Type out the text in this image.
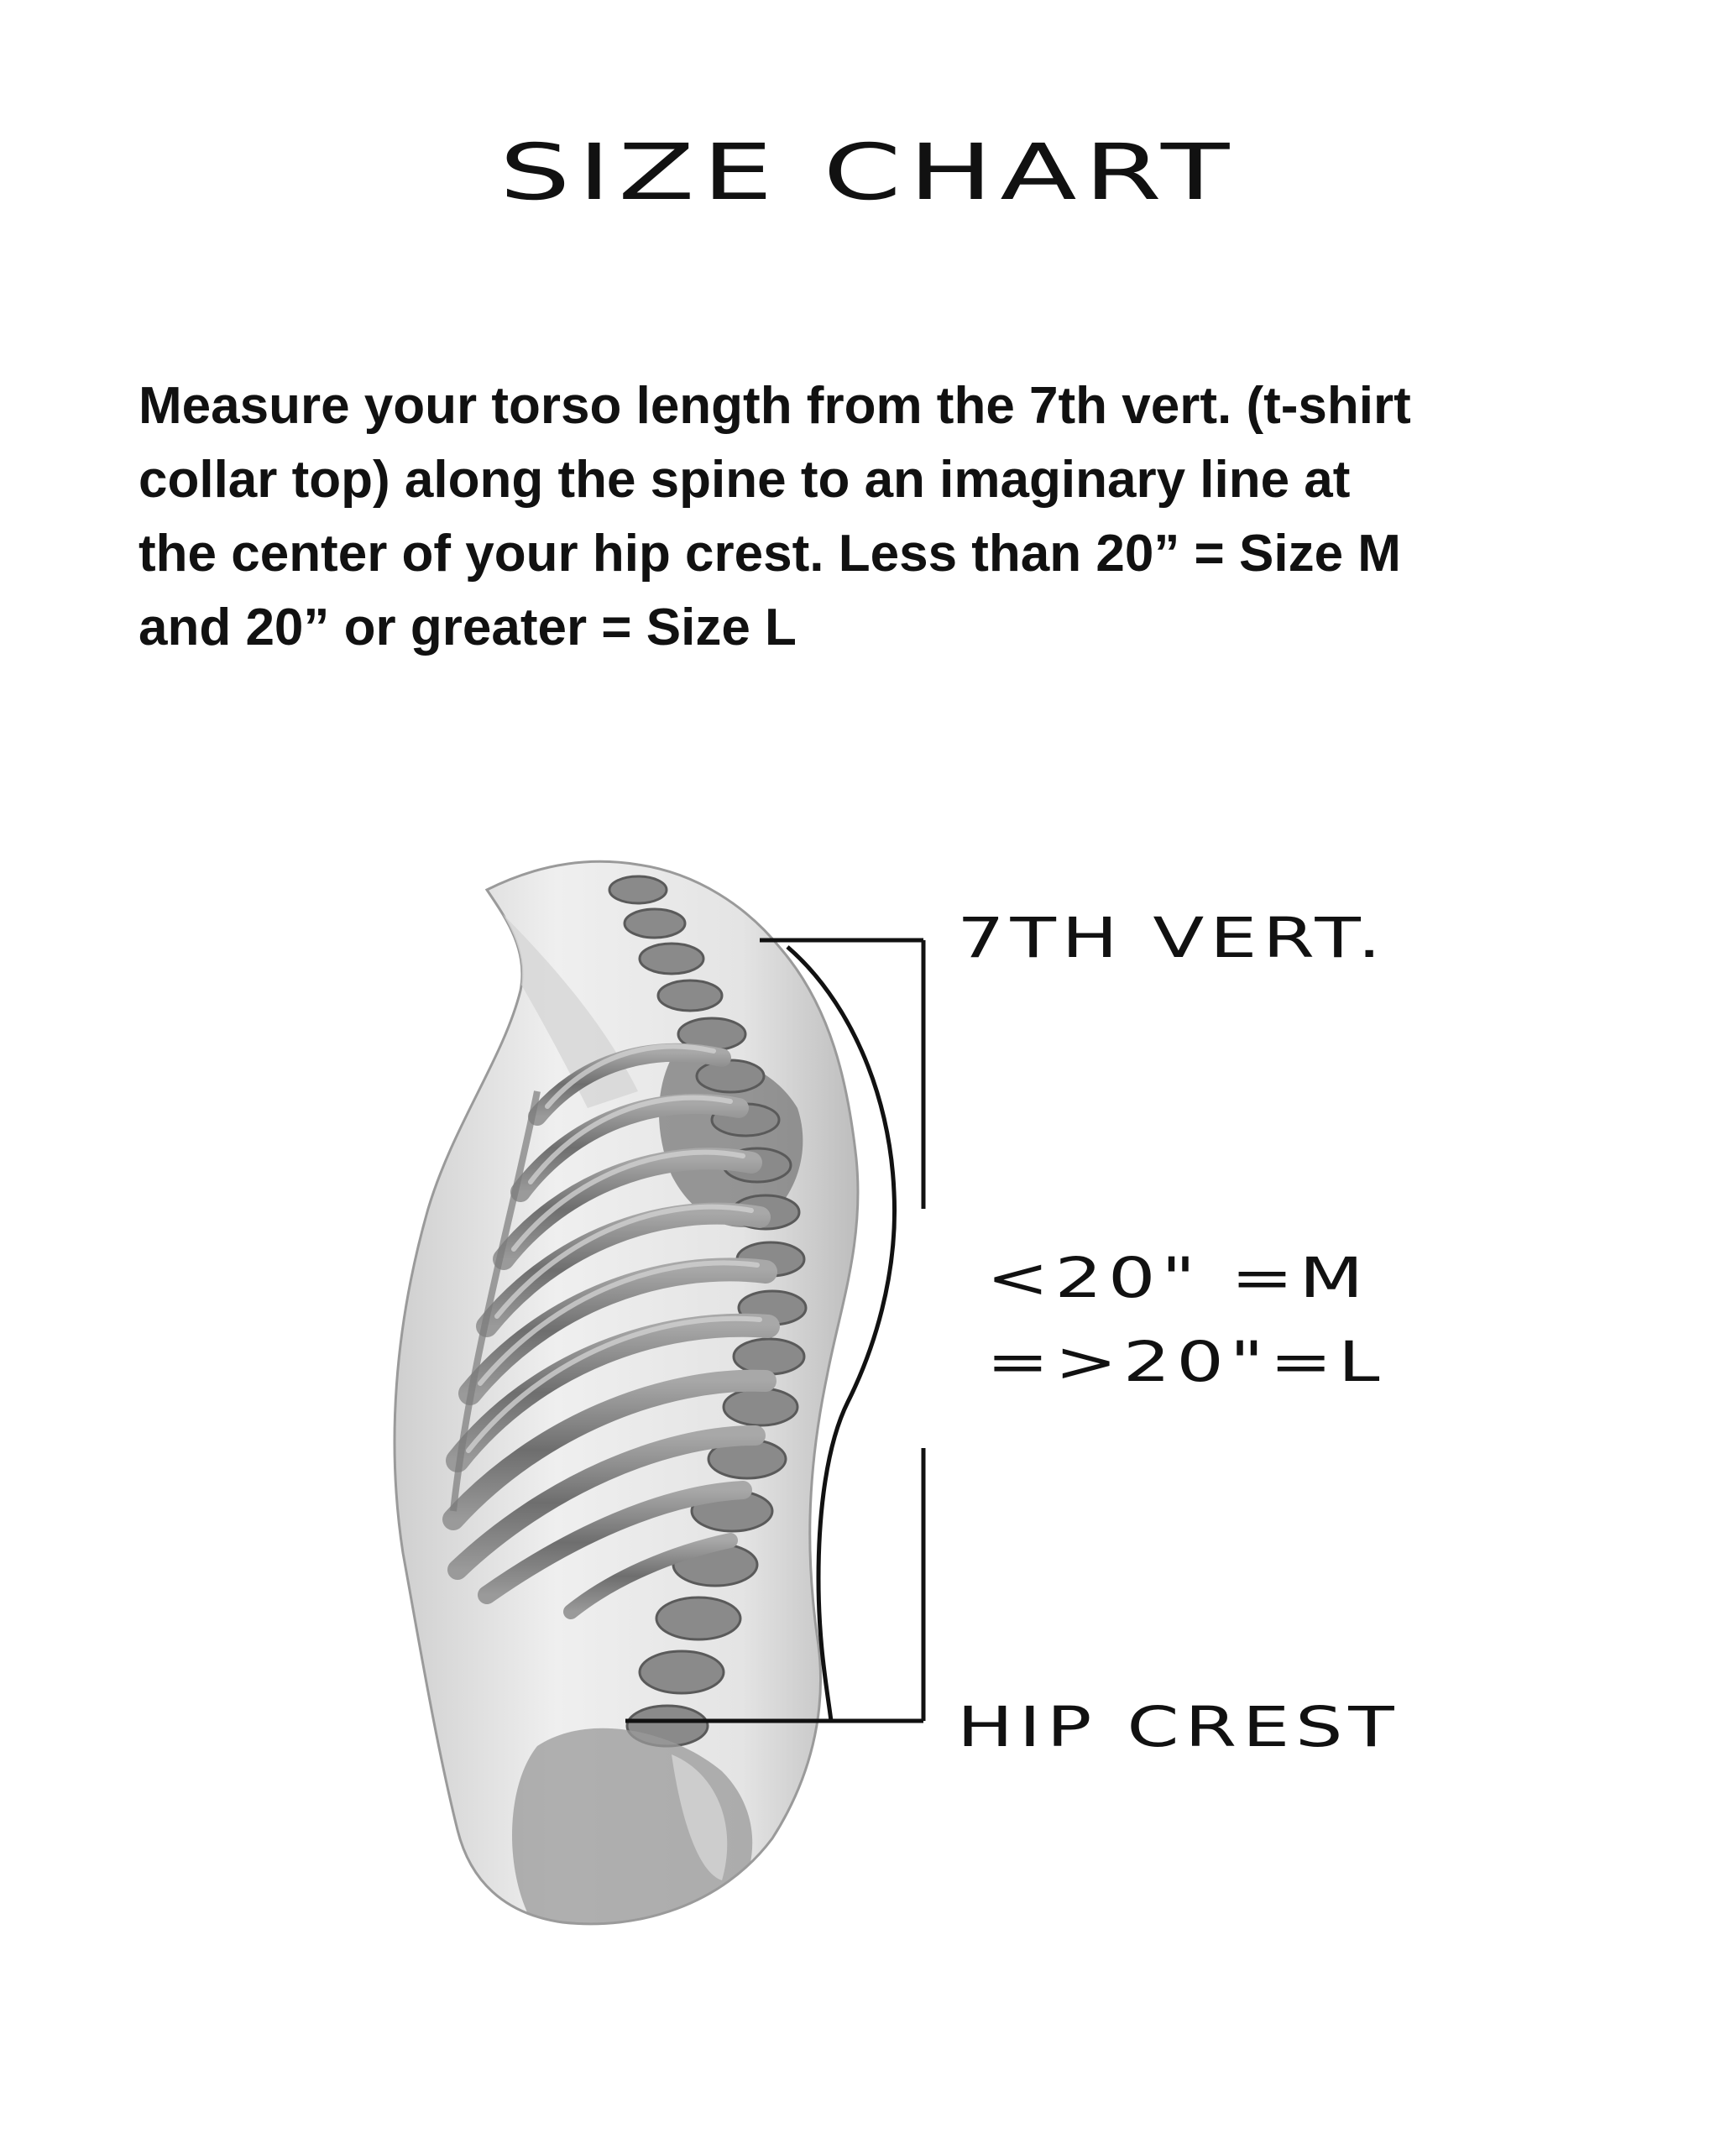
SIZE CHART
Measure your torso length from the 7th vert. (t-shirt
collar top) along the spine to an imaginary line at
the center of your hip crest. Less than 20” = Size M
and 20” or greater = Size L
7TH VERT.
<20" =M
=>20"=L
HIP CREST
